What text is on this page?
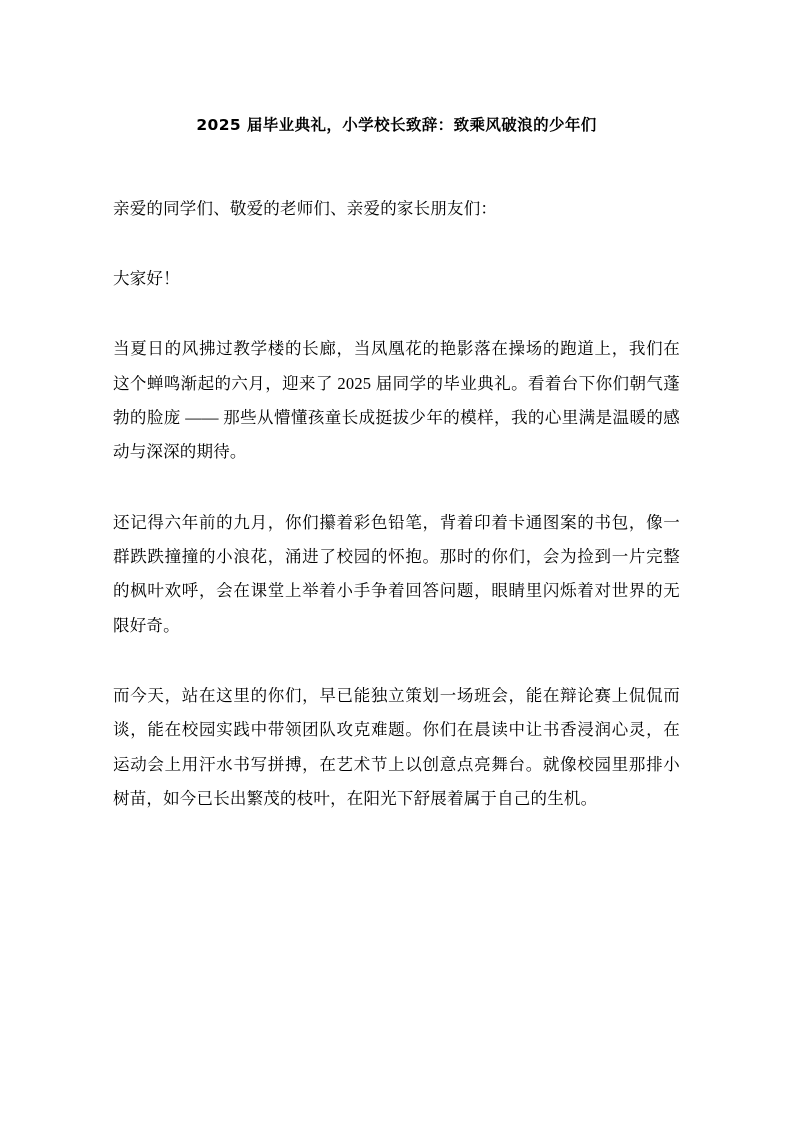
2025 届毕业典礼，小学校长致辞：致乘风破浪的少年们

亲爱的同学们、敬爱的老师们、亲爱的家长朋友们：

大家好！

当夏日的风拂过教学楼的长廊，当凤凰花的艳影落在操场的跑道上，我们在这个蝉鸣渐起的六月，迎来了 2025 届同学的毕业典礼。看着台下你们朝气蓬勃的脸庞 —— 那些从懵懂孩童长成挺拔少年的模样，我的心里满是温暖的感动与深深的期待。

还记得六年前的九月，你们攥着彩色铅笔，背着印着卡通图案的书包，像一群跌跌撞撞的小浪花，涌进了校园的怀抱。那时的你们，会为捡到一片完整的枫叶欢呼，会在课堂上举着小手争着回答问题，眼睛里闪烁着对世界的无限好奇。

而今天，站在这里的你们，早已能独立策划一场班会，能在辩论赛上侃侃而谈，能在校园实践中带领团队攻克难题。你们在晨读中让书香浸润心灵，在运动会上用汗水书写拼搏，在艺术节上以创意点亮舞台。就像校园里那排小树苗，如今已长出繁茂的枝叶，在阳光下舒展着属于自己的生机。
